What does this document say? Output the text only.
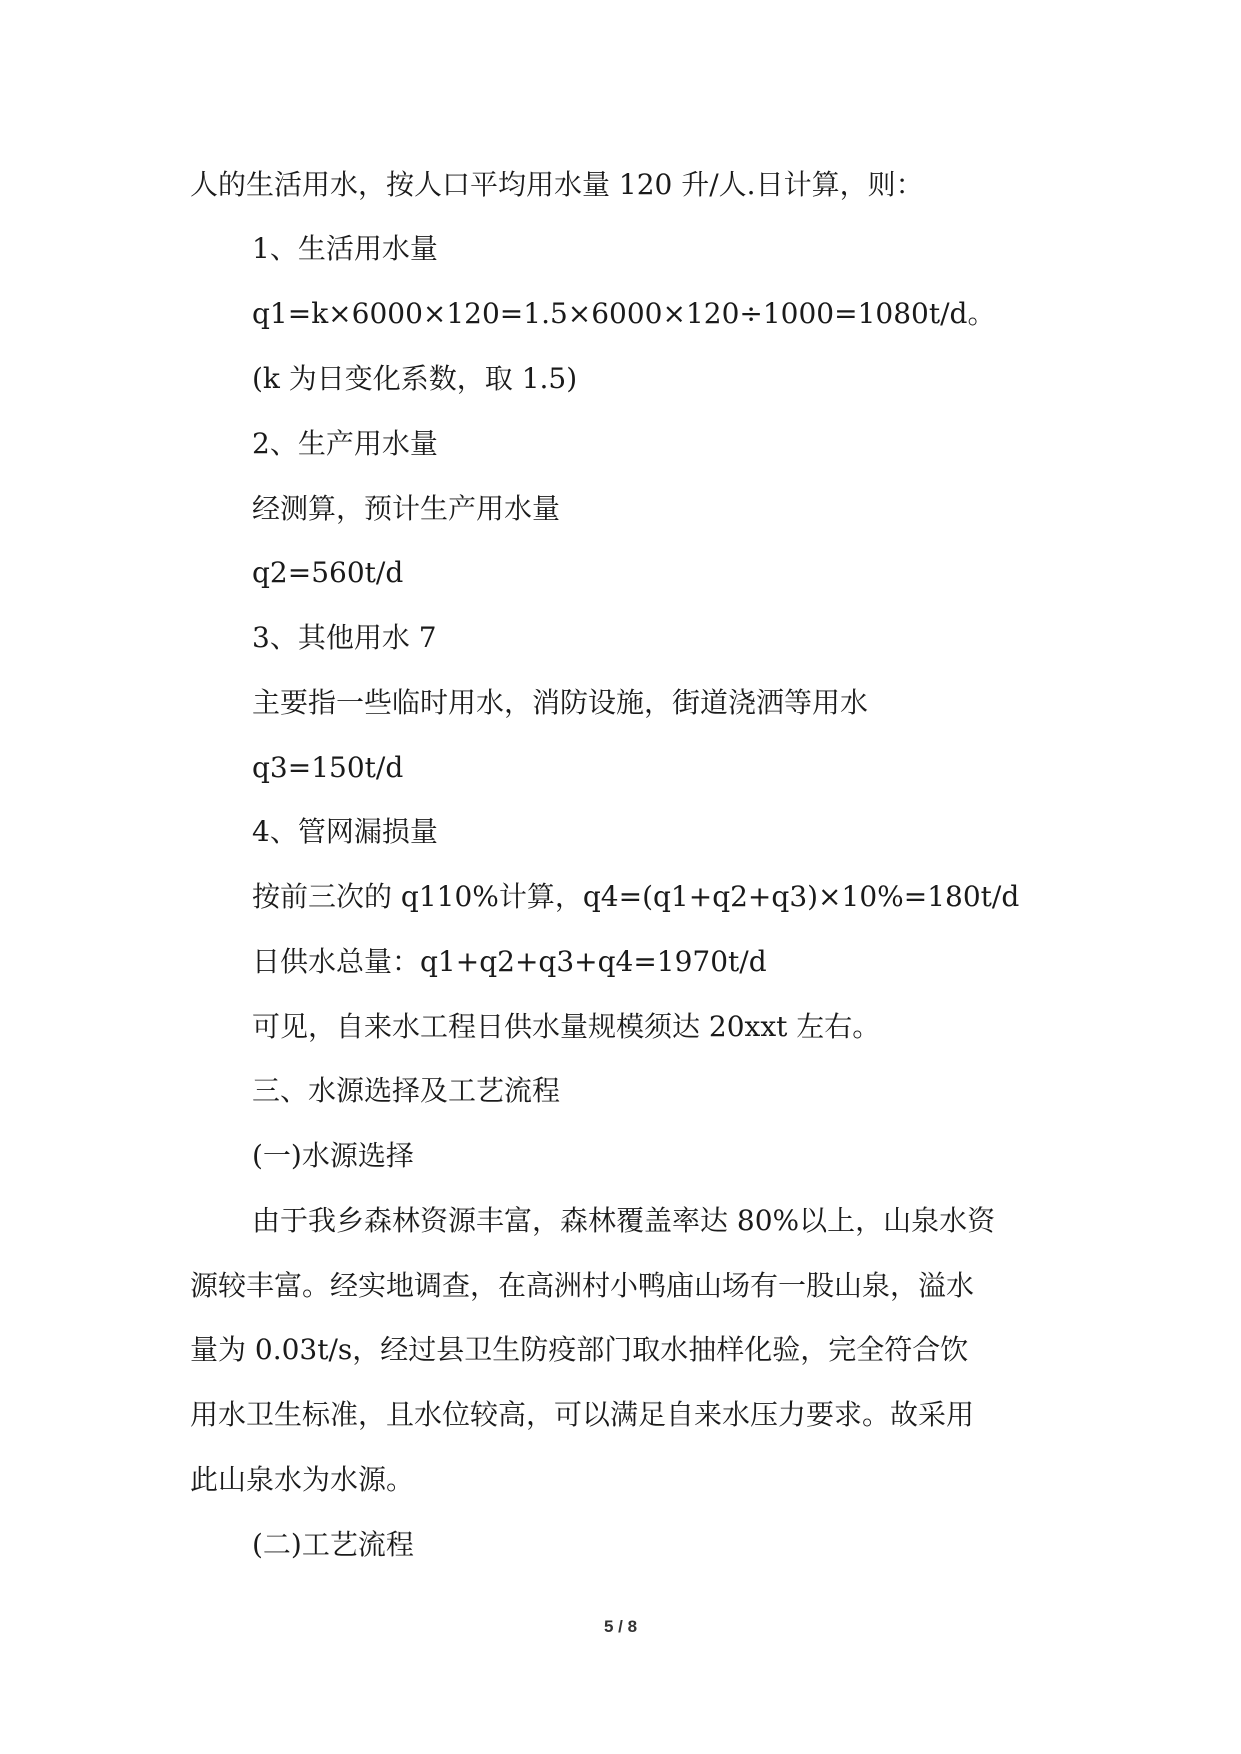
人的生活用水，按人口平均用水量 120 升/人.日计算，则：
1、生活用水量
q1=k×6000×120=1.5×6000×120÷1000=1080t/d。
(k 为日变化系数，取 1.5)
2、生产用水量
经测算，预计生产用水量
q2=560t/d
3、其他用水 7
主要指一些临时用水，消防设施，街道浇洒等用水
q3=150t/d
4、管网漏损量
按前三次的 q110%计算，q4=(q1+q2+q3)×10%=180t/d
日供水总量：q1+q2+q3+q4=1970t/d
可见，自来水工程日供水量规模须达 20xxt 左右。
三、水源选择及工艺流程
(一)水源选择
由于我乡森林资源丰富，森林覆盖率达 80%以上，山泉水资
源较丰富。经实地调查，在高洲村小鸭庙山场有一股山泉，溢水
量为 0.03t/s，经过县卫生防疫部门取水抽样化验，完全符合饮
用水卫生标准，且水位较高，可以满足自来水压力要求。故采用
此山泉水为水源。
(二)工艺流程
5 / 8
